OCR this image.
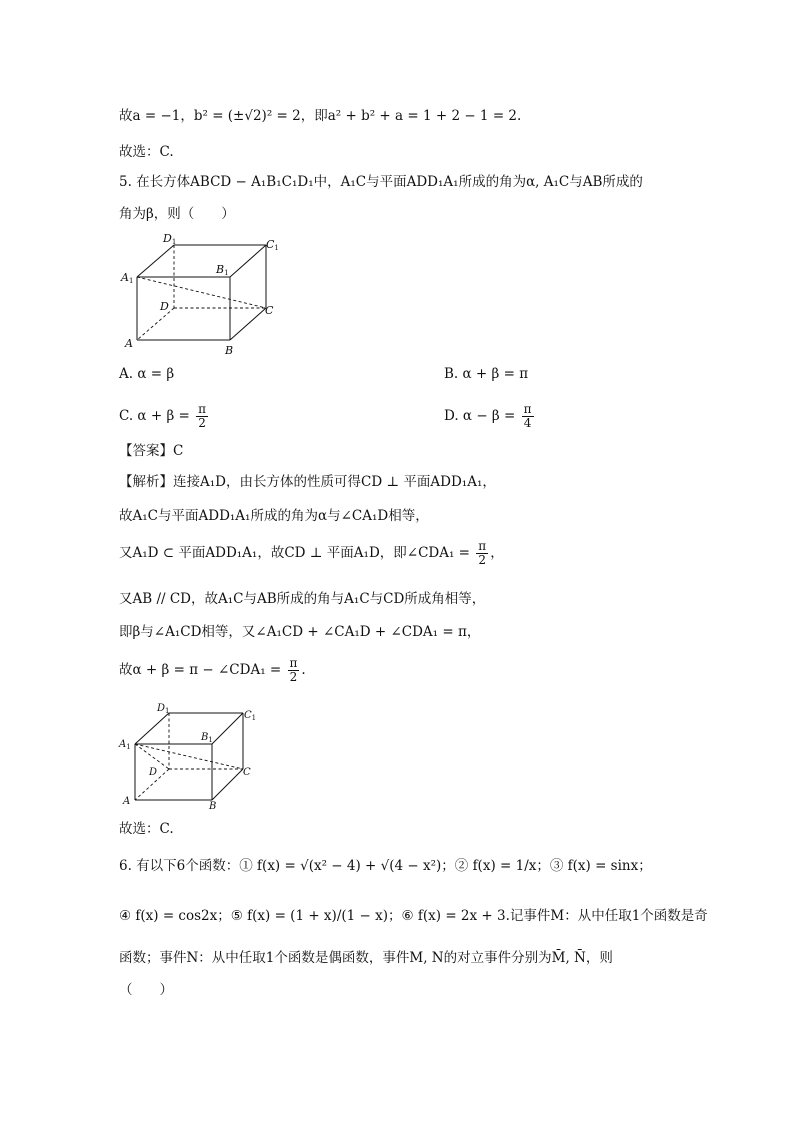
故a = −1，b² = (±√2)² = 2，即a² + b² + a = 1 + 2 − 1 = 2.
故选：C.
5. 在长方体ABCD − A₁B₁C₁D₁中，A₁C与平面ADD₁A₁所成的角为α, A₁C与AB所成的
角为β，则（　　）
D1	C1
A1
B1
D	C
A
B
A. α = β	B. α + β = π
C. $\alpha + \beta = \frac{\pi}{2}$	D. $\alpha - \beta = \frac{\pi}{4}$
【答案】C
【解析】连接A₁D，由长方体的性质可得CD ⊥ 平面ADD₁A₁，
故A₁C与平面ADD₁A₁所成的角为α与∠CA₁D相等，
又A₁D ⊂ 平面ADD₁A₁，故CD ⊥ 平面A₁D，即∠CDA₁ = $\frac{\pi}{2}$ ，
又AB // CD，故A₁C与AB所成的角与A₁C与CD所成角相等，
即β与∠A₁CD相等，又∠A₁CD + ∠CA₁D + ∠CDA₁ = π，
故α + β = π − ∠CDA₁ = $\frac{\pi}{2}$ .
$D_1$	$C_1$
$A_1$
$B_1$
D	C
A	B
故选：C.
6. 有以下6个函数：① f(x) = √(x² − 4) + √(4 − x²)；② f(x) = 1/x；③ f(x) = sinx；
④ f(x) = cos2x；⑤ f(x) = (1 + x)/(1 − x)；⑥ f(x) = 2x + 3.记事件M：从中任取1个函数是奇
函数；事件N：从中任取1个函数是偶函数，事件M, N的对立事件分别为M̄, N̄，则
（　　）
